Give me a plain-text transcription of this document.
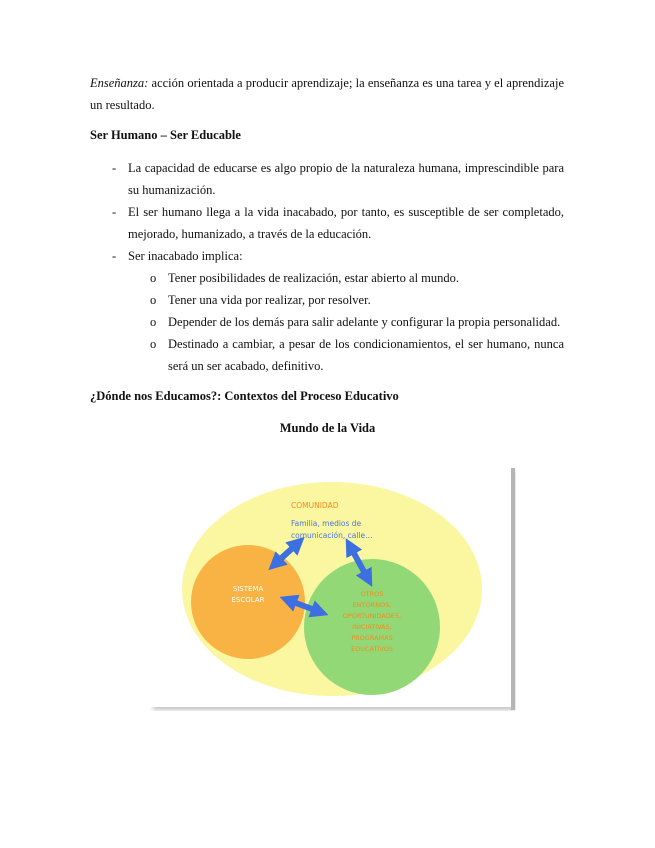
Enseñanza: acción orientada a producir aprendizaje; la enseñanza es una tarea y el aprendizaje un resultado.
Ser Humano – Ser Educable
- La capacidad de educarse es algo propio de la naturaleza humana, imprescindible para su humanización.
- El ser humano llega a la vida inacabado, por tanto, es susceptible de ser completado, mejorado, humanizado, a través de la educación.
- Ser inacabado implica:
o Tener posibilidades de realización, estar abierto al mundo.
o Tener una vida por realizar, por resolver.
o Depender de los demás para salir adelante y configurar la propia personalidad.
o Destinado a cambiar, a pesar de los condicionamientos, el ser humano, nunca será un ser acabado, definitivo.
¿Dónde nos Educamos?: Contextos del Proceso Educativo
Mundo de la Vida
COMUNIDAD
Familia, medios de
comunicación, calle…
SISTEMA
ESCOLAR
OTROS
ENTORNOS,
OPORTUNIDADES,
INICIATIVAS,
PROGRAMAS
EDUCATIVOS
